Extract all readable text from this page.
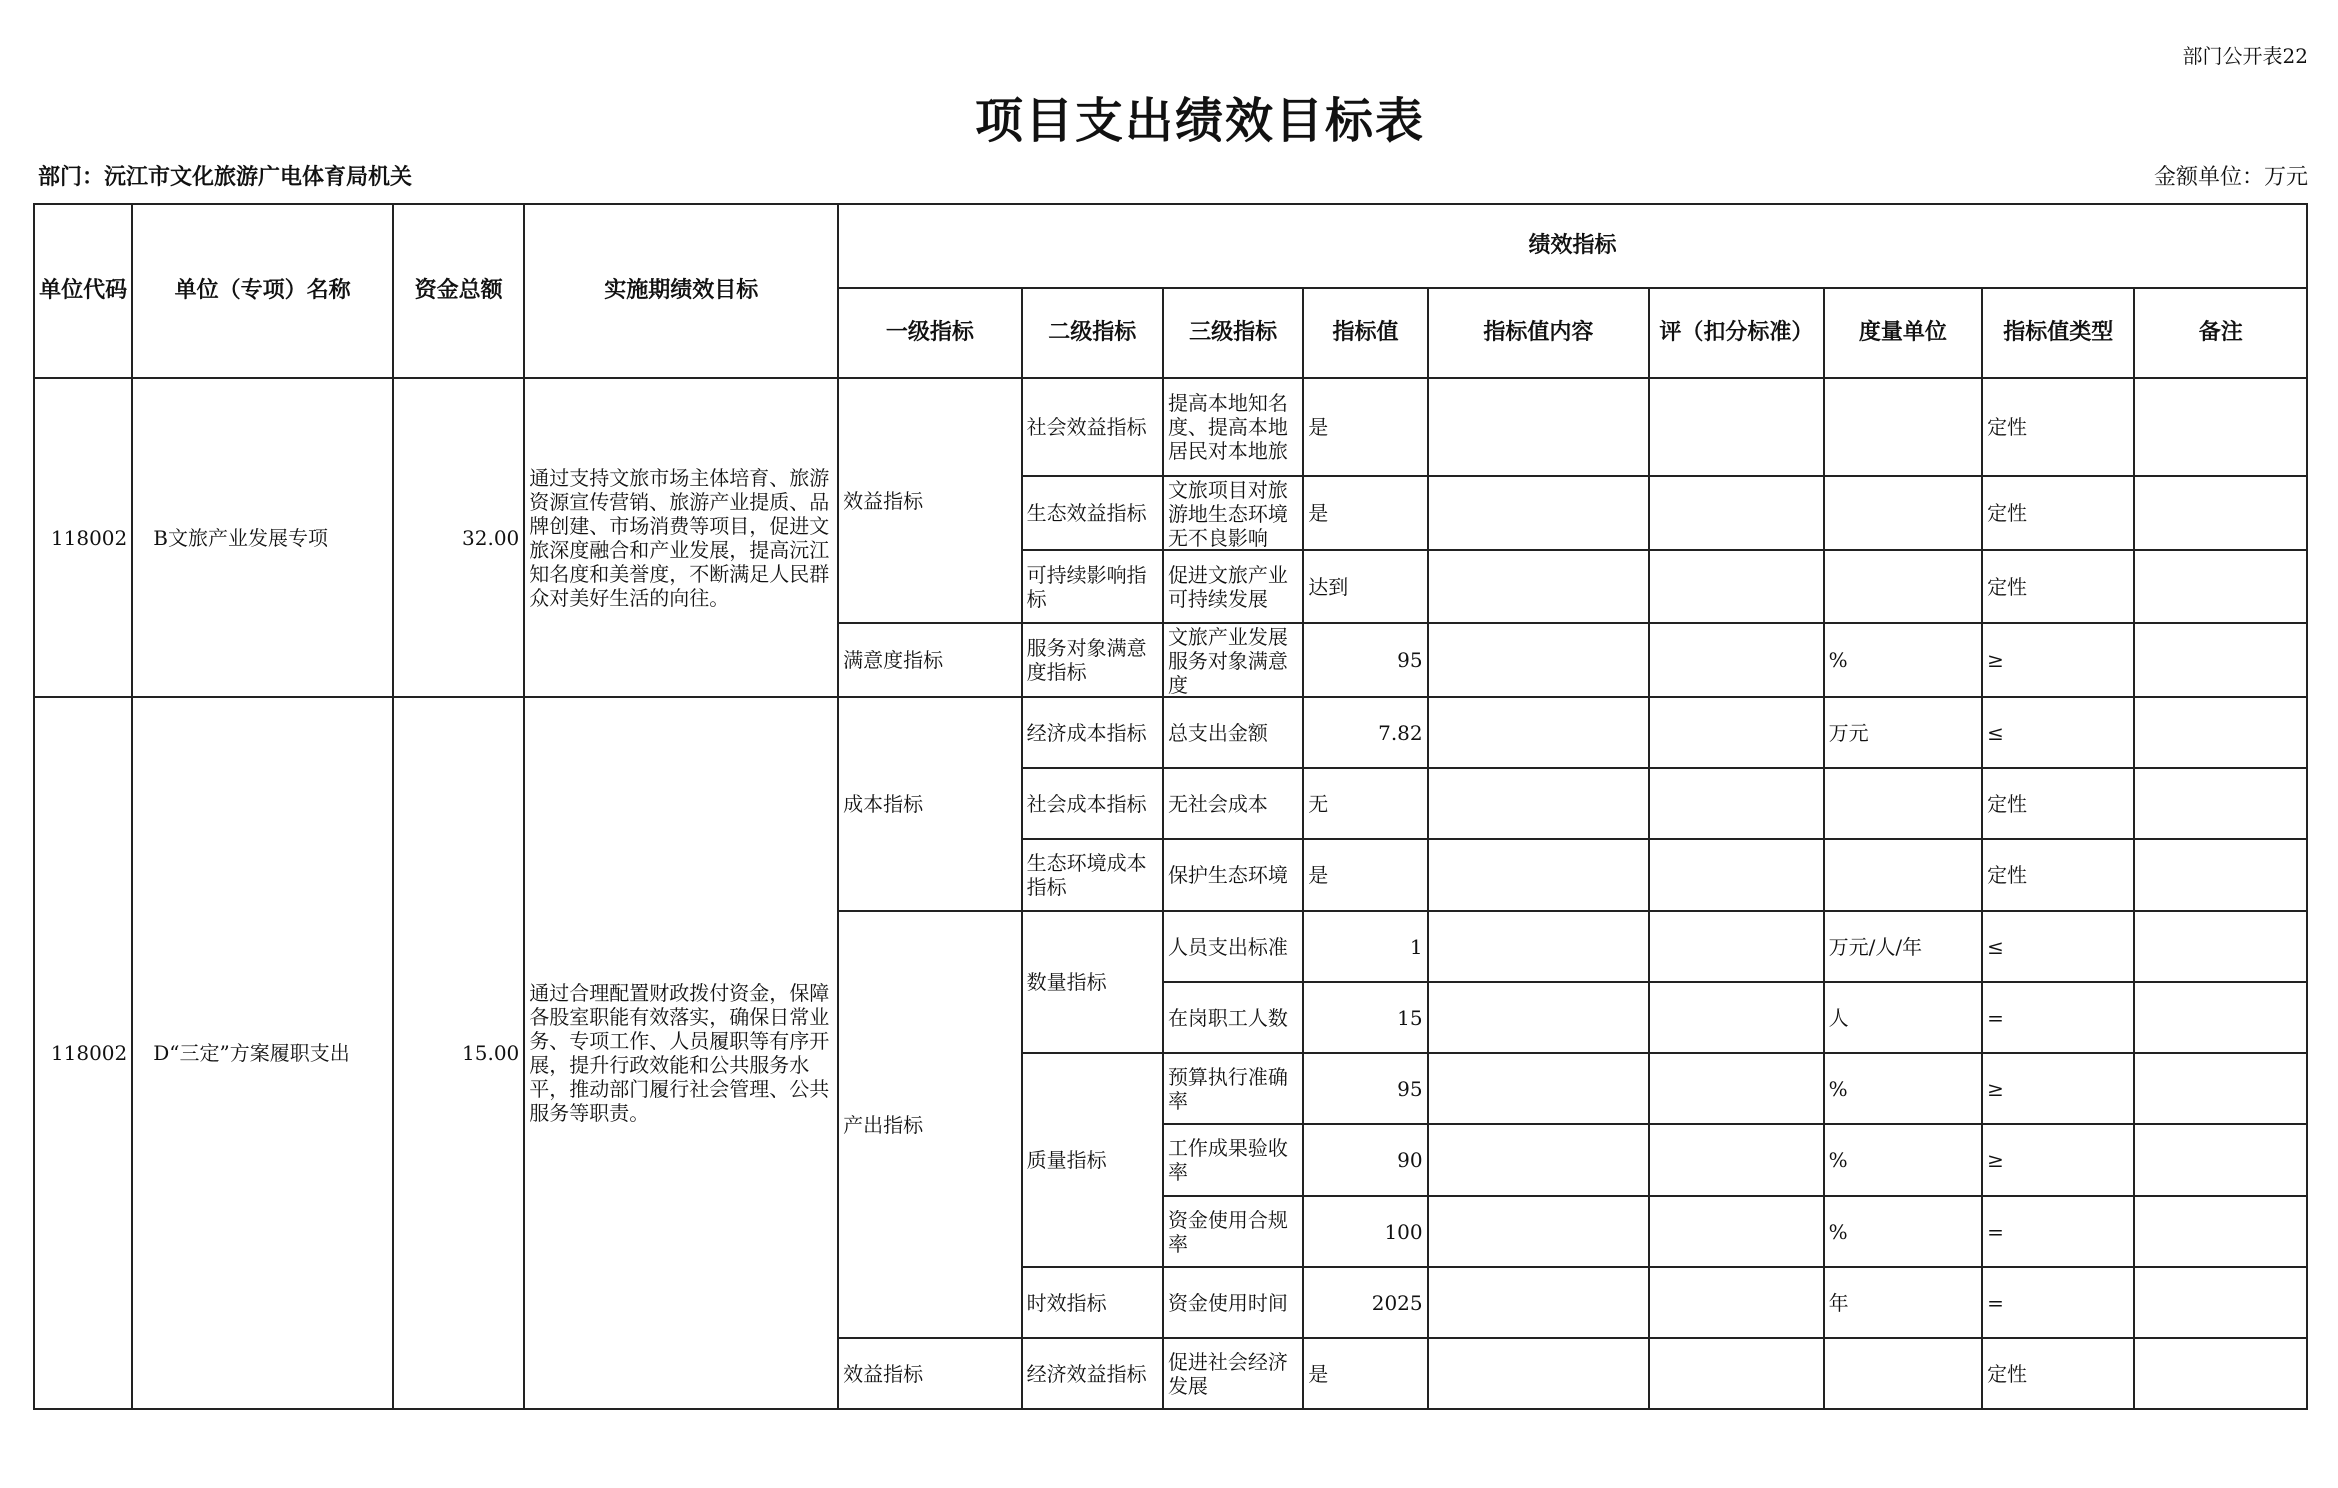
部门公开表22
项目支出绩效目标表
部门：沅江市文化旅游广电体育局机关	金额单位：万元
单位代码	单位（专项）名称	资金总额	实施期绩效目标	绩效指标								
				一级指标	二级指标	三级指标	指标值	指标值内容	评（扣分标准）	度量单位	指标值类型	备注
118002	B文旅产业发展专项	32.00	通过支持文旅市场主体培育、旅游资源宣传营销、旅游产业提质、品牌创建、市场消费等项目，促进文旅深度融合和产业发展，提高沅江知名度和美誉度，不断满足人民群众对美好生活的向往。	效益指标	社会效益指标	提高本地知名度、提高本地居民对本地旅	是				定性	
					生态效益指标	文旅项目对旅游地生态环境无不良影响	是				定性	
					可持续影响指标	促进文旅产业可持续发展	达到				定性	
				满意度指标	服务对象满意度指标	文旅产业发展服务对象满意度	95			%	≥	
118002	D“三定”方案履职支出	15.00	通过合理配置财政拨付资金，保障各股室职能有效落实，确保日常业务、专项工作、人员履职等有序开展，提升行政效能和公共服务水平，推动部门履行社会管理、公共服务等职责。	成本指标	经济成本指标	总支出金额	7.82			万元	≤	
					社会成本指标	无社会成本	无				定性	
					生态环境成本指标	保护生态环境	是				定性	
				产出指标	数量指标	人员支出标准	1			万元/人/年	≤	
						在岗职工人数	15			人	=	
					质量指标	预算执行准确率	95			%	≥	
						工作成果验收率	90			%	≥	
						资金使用合规率	100			%	=	
					时效指标	资金使用时间	2025			年	=	
				效益指标	经济效益指标	促进社会经济发展	是				定性	
